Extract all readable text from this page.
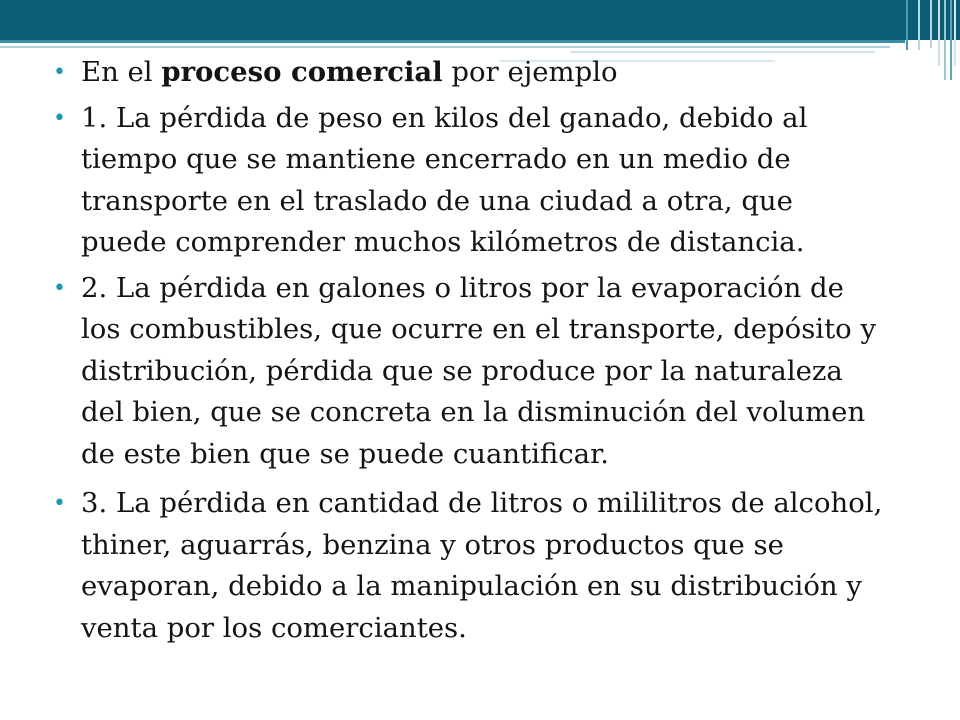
• En el proceso comercial por ejemplo
• 1. La pérdida de peso en kilos del ganado, debido al tiempo que se mantiene encerrado en un medio de transporte en el traslado de una ciudad a otra, que puede comprender muchos kilómetros de distancia.
• 2. La pérdida en galones o litros por la evaporación de los combustibles, que ocurre en el transporte, depósito y distribución, pérdida que se produce por la naturaleza del bien, que se concreta en la disminución del volumen de este bien que se puede cuantificar.
• 3. La pérdida en cantidad de litros o mililitros de alcohol, thiner, aguarrás, benzina y otros productos que se evaporan, debido a la manipulación en su distribución y venta por los comerciantes.
